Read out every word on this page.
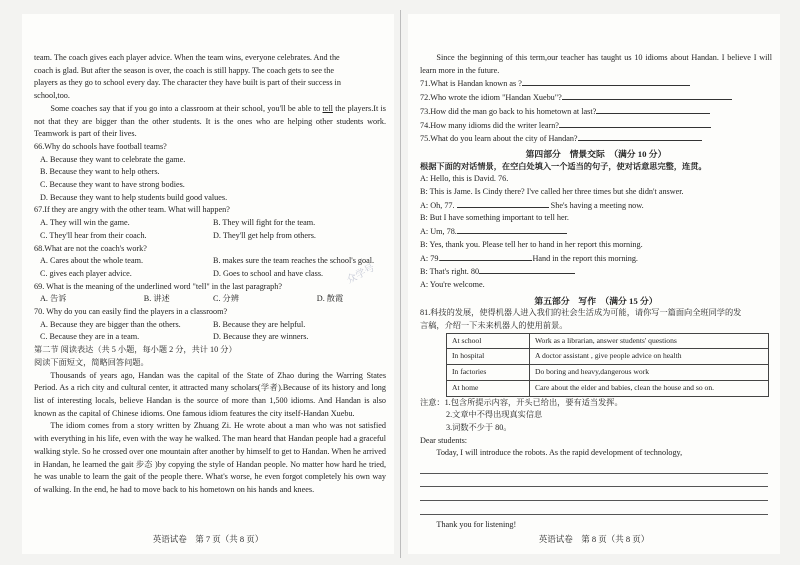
team. The coach gives each player advice. When the team wins, everyone celebrates. And the

coach is glad. But after the season is over, the coach is still happy. The coach gets to see the

players as they go to school every day. The character they have built is part of their success in

school,too.

Some coaches say that if you go into a classroom at their school, you'll be able to tell the players.It is not that they are bigger than the other students. It is the ones who are helping other students work. Teamwork is part of their lives.

66.Why do schools have football teams?

A. Because they want to celebrate the game.

B. Because they want to help others.

C. Because they want to have strong bodies.

D. Because they want to help students build good values.

67.If they are angry with the other team. What will happen?

A. They will win the game.	B. They will fight for the team.

C. They'll hear from their coach.	D. They'll get help from others.

68.What are not the coach's work?

A. Cares about the whole team.	B. makes sure the team reaches the school's goal.

C. gives each player advice.	D. Goes to school and have class.

69. What is the meaning of the underlined word "tell" in the last paragraph?

A. 告诉	B. 讲述	C. 分辨	D. 散霞

70. Why do you can easily find the players in a classroom?

A. Because they are bigger than the others.	B. Because they are helpful.

C. Because they are in a team.	D. Because they are winners.

第二节 阅读表达（共 5 小题，每小题 2 分，共计 10 分）

阅读下面短文，简略回答问题。

Thousands of years ago, Handan was the capital of the State of Zhao during the Warring States Period. As a rich city and cultural center, it attracted many scholars(学者).Because of its history and long list of interesting locals, believe Handan is the source of more than 1,500 idioms. And Handan is also known as the capital of Chinese idioms. One famous idiom features the city itself-Handan Xuebu.

The idiom comes from a story written by Zhuang Zi. He wrote about a man who was not satisfied with everything in his life, even with the way he walked. The man heard that Handan people had a graceful walking style. So he crossed over one mountain after another by himself to get to Handan. When he arrived in Handan, he learned the gait 步态 )by copying the style of Handan people. No matter how hard he tried, he was unable to learn the gait of the people there. What's worse, he even forgot completely his own way of walking. In the end, he had to move back to his hometown on his hands and knees.

英语试卷　第 7 页（共 8 页）

Since the beginning of this term,our teacher has taught us 10 idioms about Handan. I believe I will learn more in the future.

71.What is Handan known as ?

72.Who wrote the idiom "Handan Xuebu"?

73.How did the man go back to his hometown at last?

74.How many idioms did the writer learn?

75.What do you learn about the city of Handan?

第四部分　情景交际　（满分 10 分）

根据下面的对话情景，在空白处填入一个适当的句子，使对话意思完整，连贯。

A: Hello, this is David. 76.

B: This is Jame. Is Cindy there? I've called her three times but she didn't answer.

A: Oh, 77.	She's having a meeting now.

B: But I have something important to tell her.

A: Um, 78.

B: Yes, thank you. Please tell her to hand in her report this morning.

A: 79.	Hand in the report this morning.

B: That's right. 80

A: You're welcome.

第五部分　写作　（满分 15 分）

81.科技的发展，使得机器人进入我们的社会生活成为可能，请你写一篇面向全班同学的发

言稿，介绍一下未来机器人的使用前景。

At school	Work as a librarian, answer students' questions
In hospital	A doctor assistant , give people advice on health
In factories	Do boring and heavy,dangerous work
At home	Care about the elder and babies, clean the house and so on.

注意：1.包含所提示内容，开头已给出，要有适当发挥。

2.文章中不得出现真实信息

3.词数不少于 80。

Dear students:

Today, I will introduce the robots. As the rapid development of technology,

Thank you for listening!

英语试卷　第 8 页（共 8 页）
众学号
